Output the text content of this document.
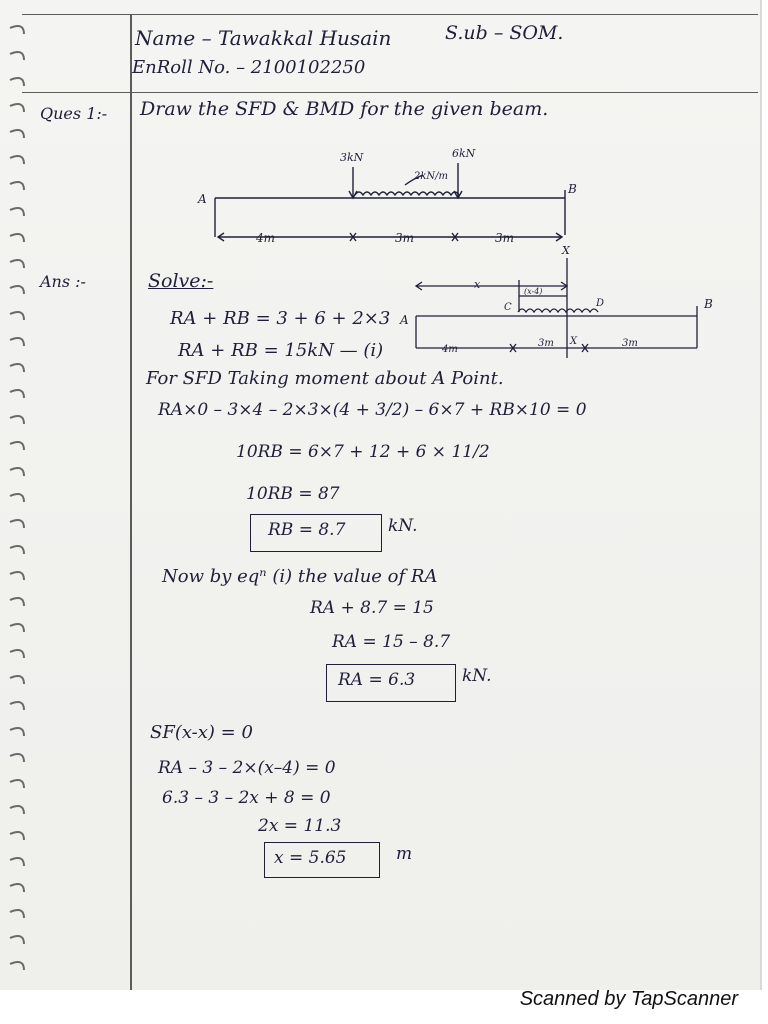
Name – Tawakkal Husain	S.ub – SOM.
EnRoll No. – 2100102250
Ques 1:- Draw the SFD & BMD for the given beam.
A
B
3kN	6kN
2kN/m
4m	3m	3m
Ans :-	Solve:-
RA + RB = 3 + 6 + 2×3
RA + RB = 15kN — (i)
X
X
A
B
C	D
x
(x-4)
4m
3m	3m
For SFD Taking moment about A Point.
RA×0 – 3×4 – 2×3×(4 + 3/2) – 6×7 + RB×10 = 0
10RB = 6×7 + 12 + 6 × 11/2
10RB = 87
RB = 8.7	kN.
Now by eqⁿ (i) the value of RA
RA + 8.7 = 15
RA = 15 – 8.7
RA = 6.3	kN.
SF(x-x) = 0
RA – 3 – 2×(x–4) = 0
6.3 – 3 – 2x + 8 = 0
2x = 11.3
x = 5.65	m
Scanned by TapScanner
